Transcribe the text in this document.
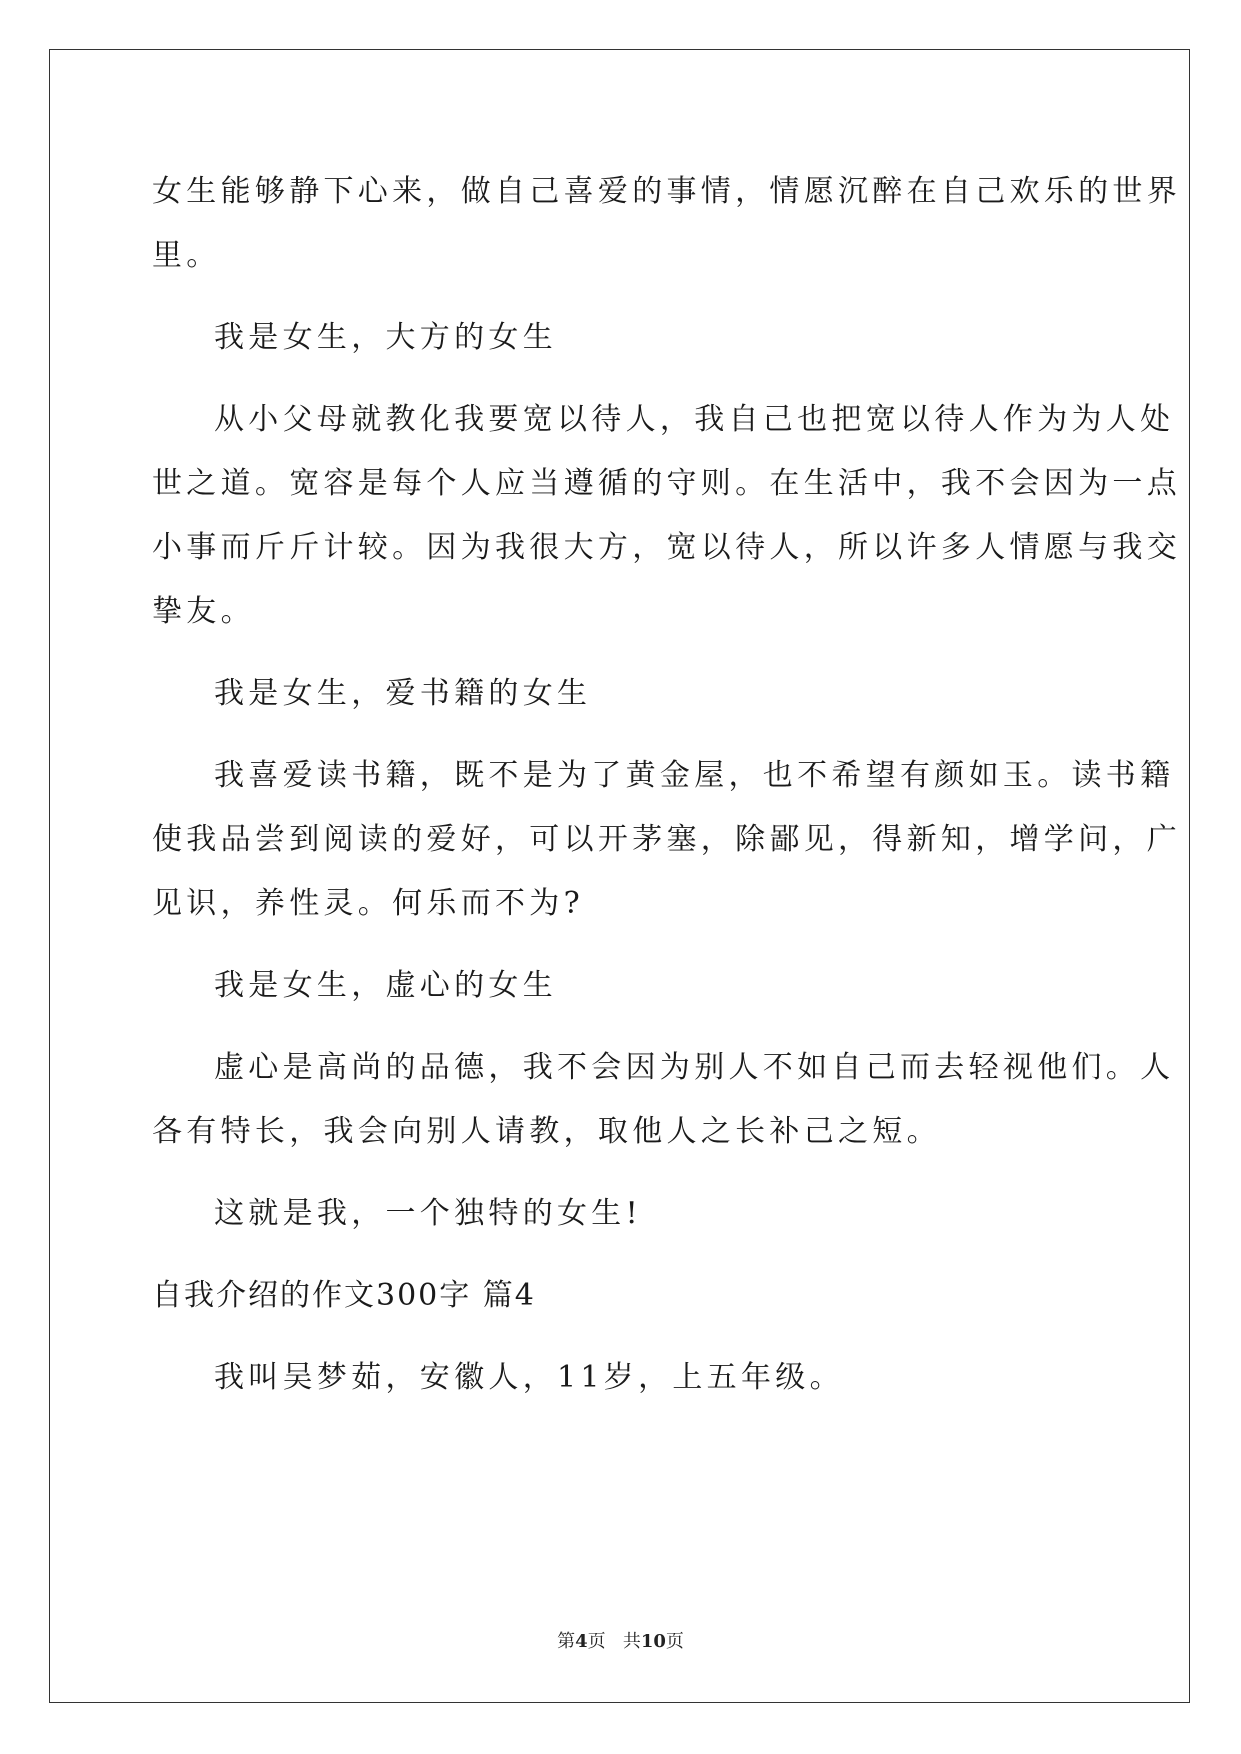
女生能够静下心来，做自己喜爱的事情，情愿沉醉在自己欢乐的世界
里。
我是女生，大方的女生
从小父母就教化我要宽以待人，我自己也把宽以待人作为为人处
世之道。宽容是每个人应当遵循的守则。在生活中，我不会因为一点
小事而斤斤计较。因为我很大方，宽以待人，所以许多人情愿与我交
挚友。
我是女生，爱书籍的女生
我喜爱读书籍，既不是为了黄金屋，也不希望有颜如玉。读书籍
使我品尝到阅读的爱好，可以开茅塞，除鄙见，得新知，增学问，广
见识，养性灵。何乐而不为?
我是女生，虚心的女生
虚心是高尚的品德，我不会因为别人不如自己而去轻视他们。人
各有特长，我会向别人请教，取他人之长补己之短。
这就是我，一个独特的女生!
自我介绍的作文300字 篇4
我叫吴梦茹，安徽人，11岁，上五年级。
第4页 共10页
